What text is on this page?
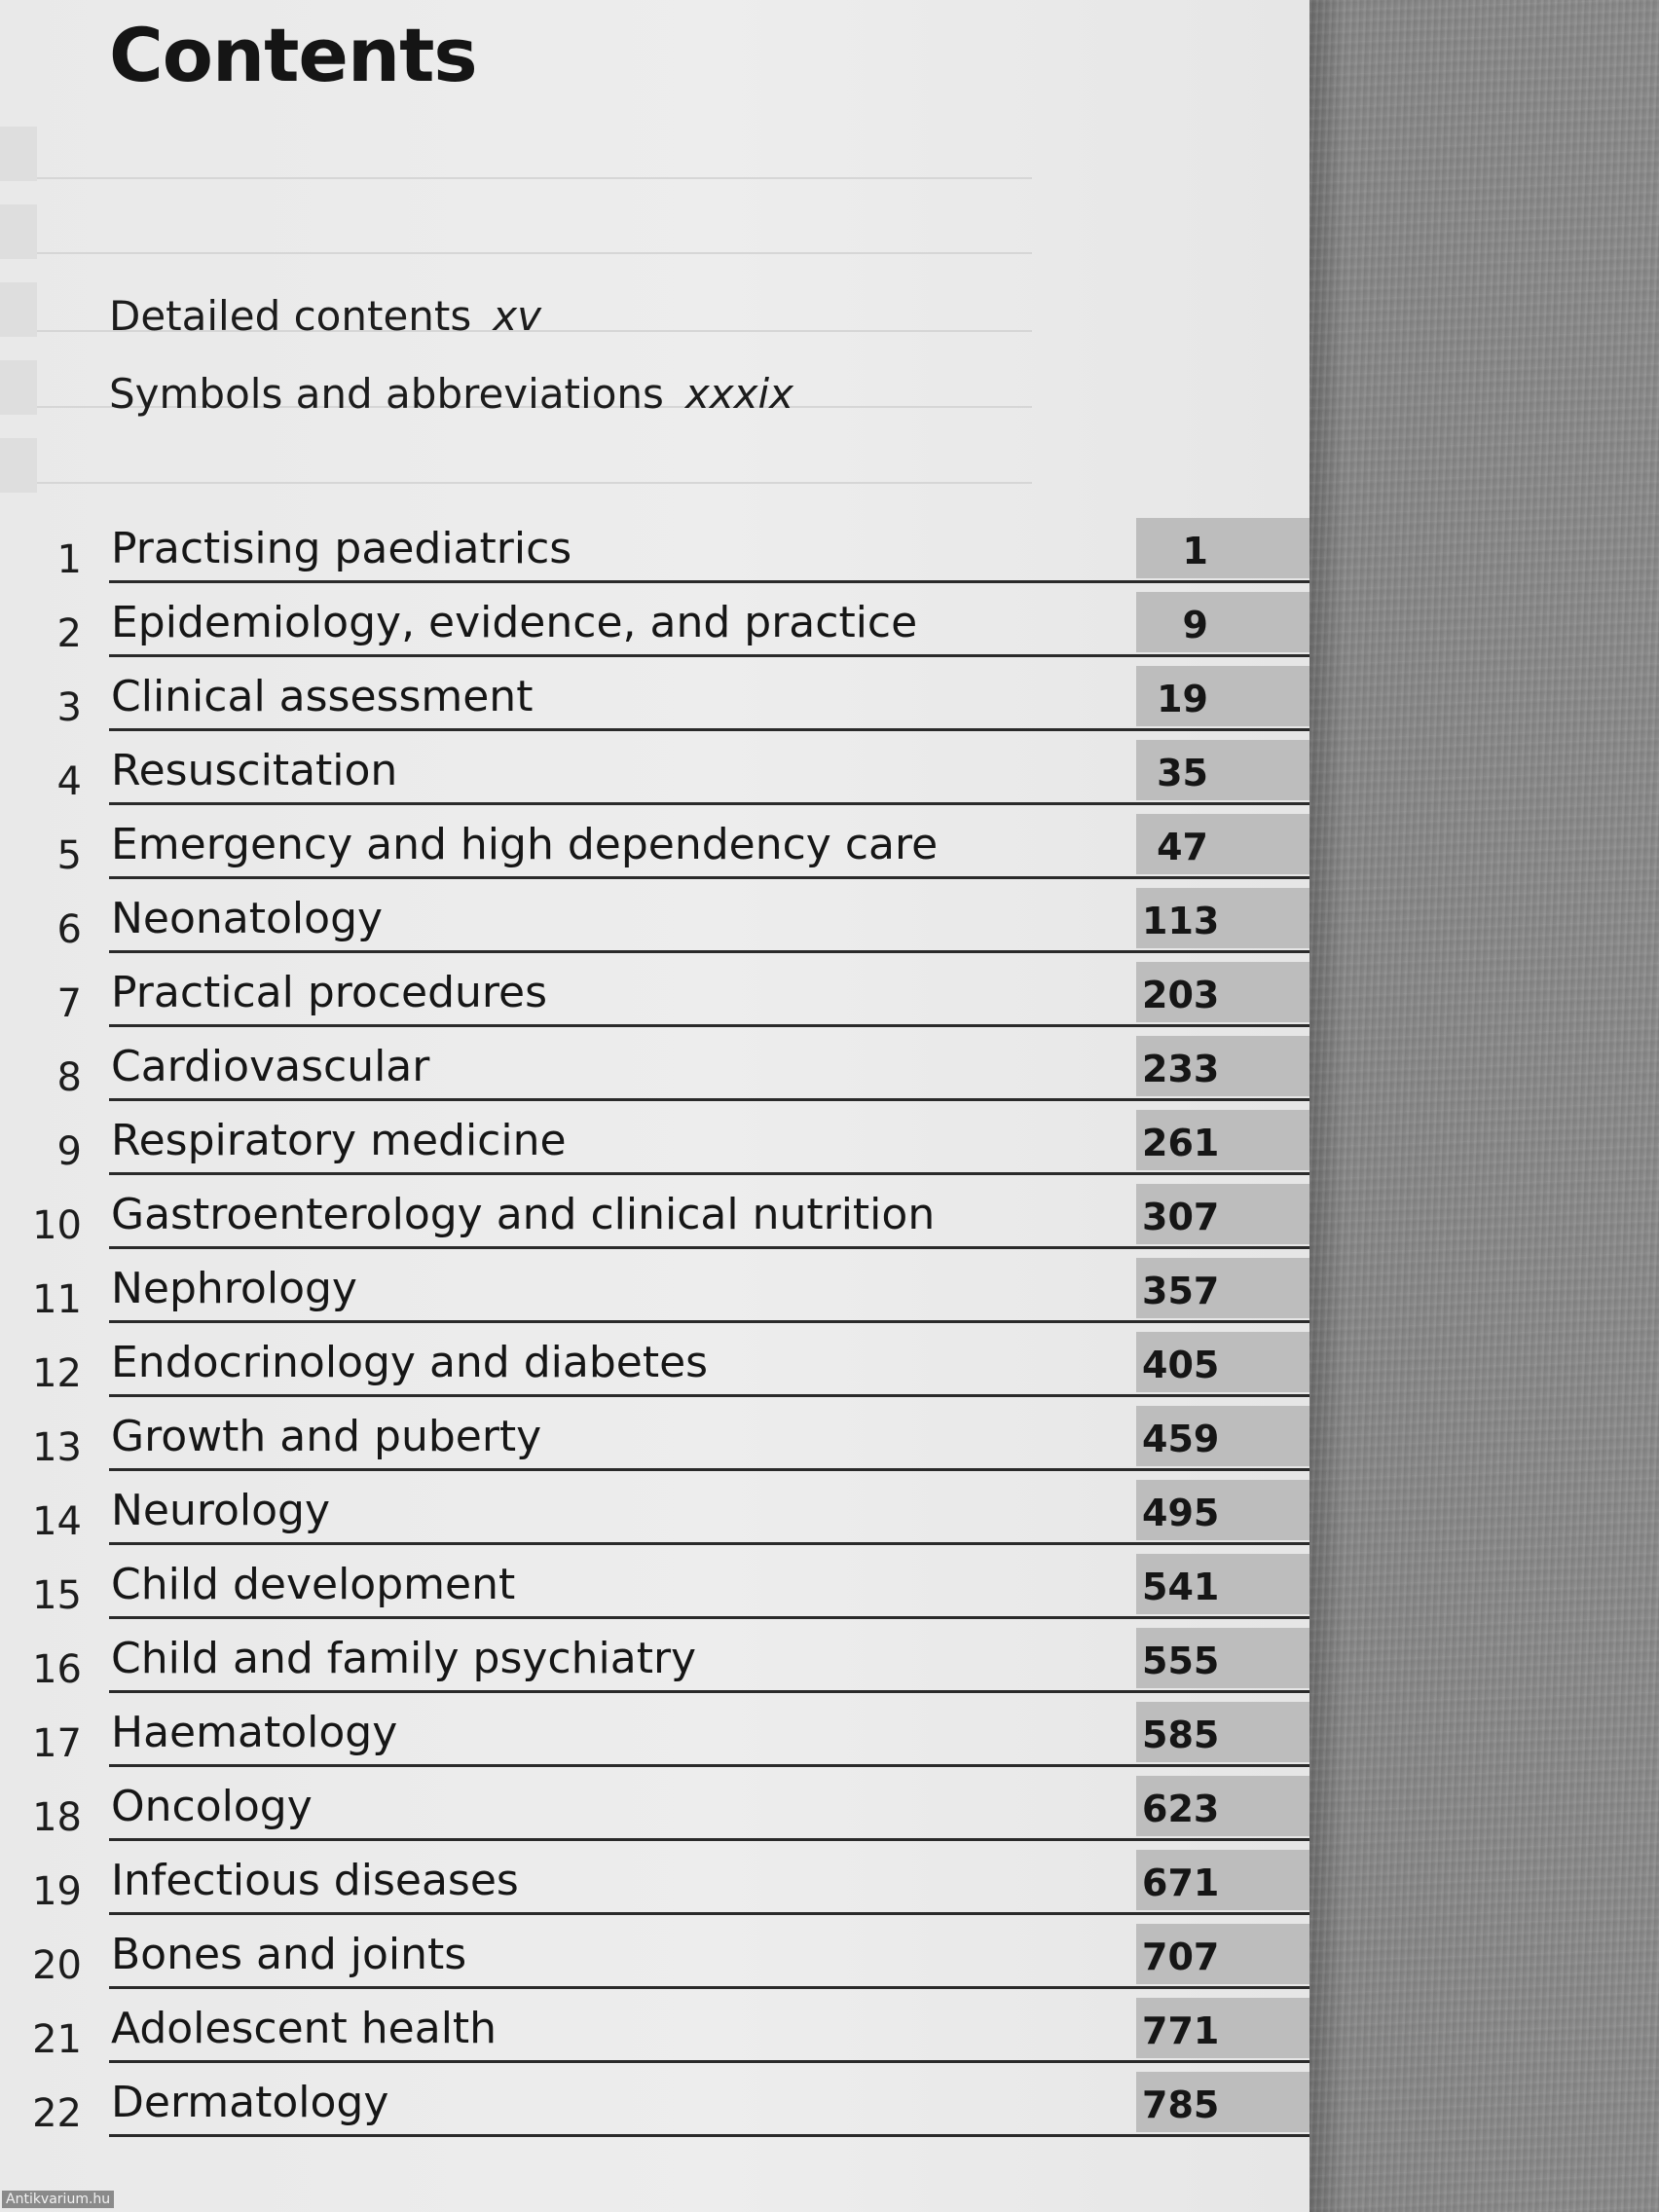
Contents
Detailed contents xv
Symbols and abbreviations xxxix
1 Practising paediatrics	1
2 Epidemiology, evidence, and practice	9
3 Clinical assessment	19
4 Resuscitation	35
5 Emergency and high dependency care	47
6 Neonatology	113
7 Practical procedures	203
8 Cardiovascular	233
9 Respiratory medicine	261
10 Gastroenterology and clinical nutrition	307
11 Nephrology	357
12 Endocrinology and diabetes	405
13 Growth and puberty	459
14 Neurology	495
15 Child development	541
16 Child and family psychiatry	555
17 Haematology	585
18 Oncology	623
19 Infectious diseases	671
20 Bones and joints	707
21 Adolescent health	771
22 Dermatology	785
Antikvarium.hu
